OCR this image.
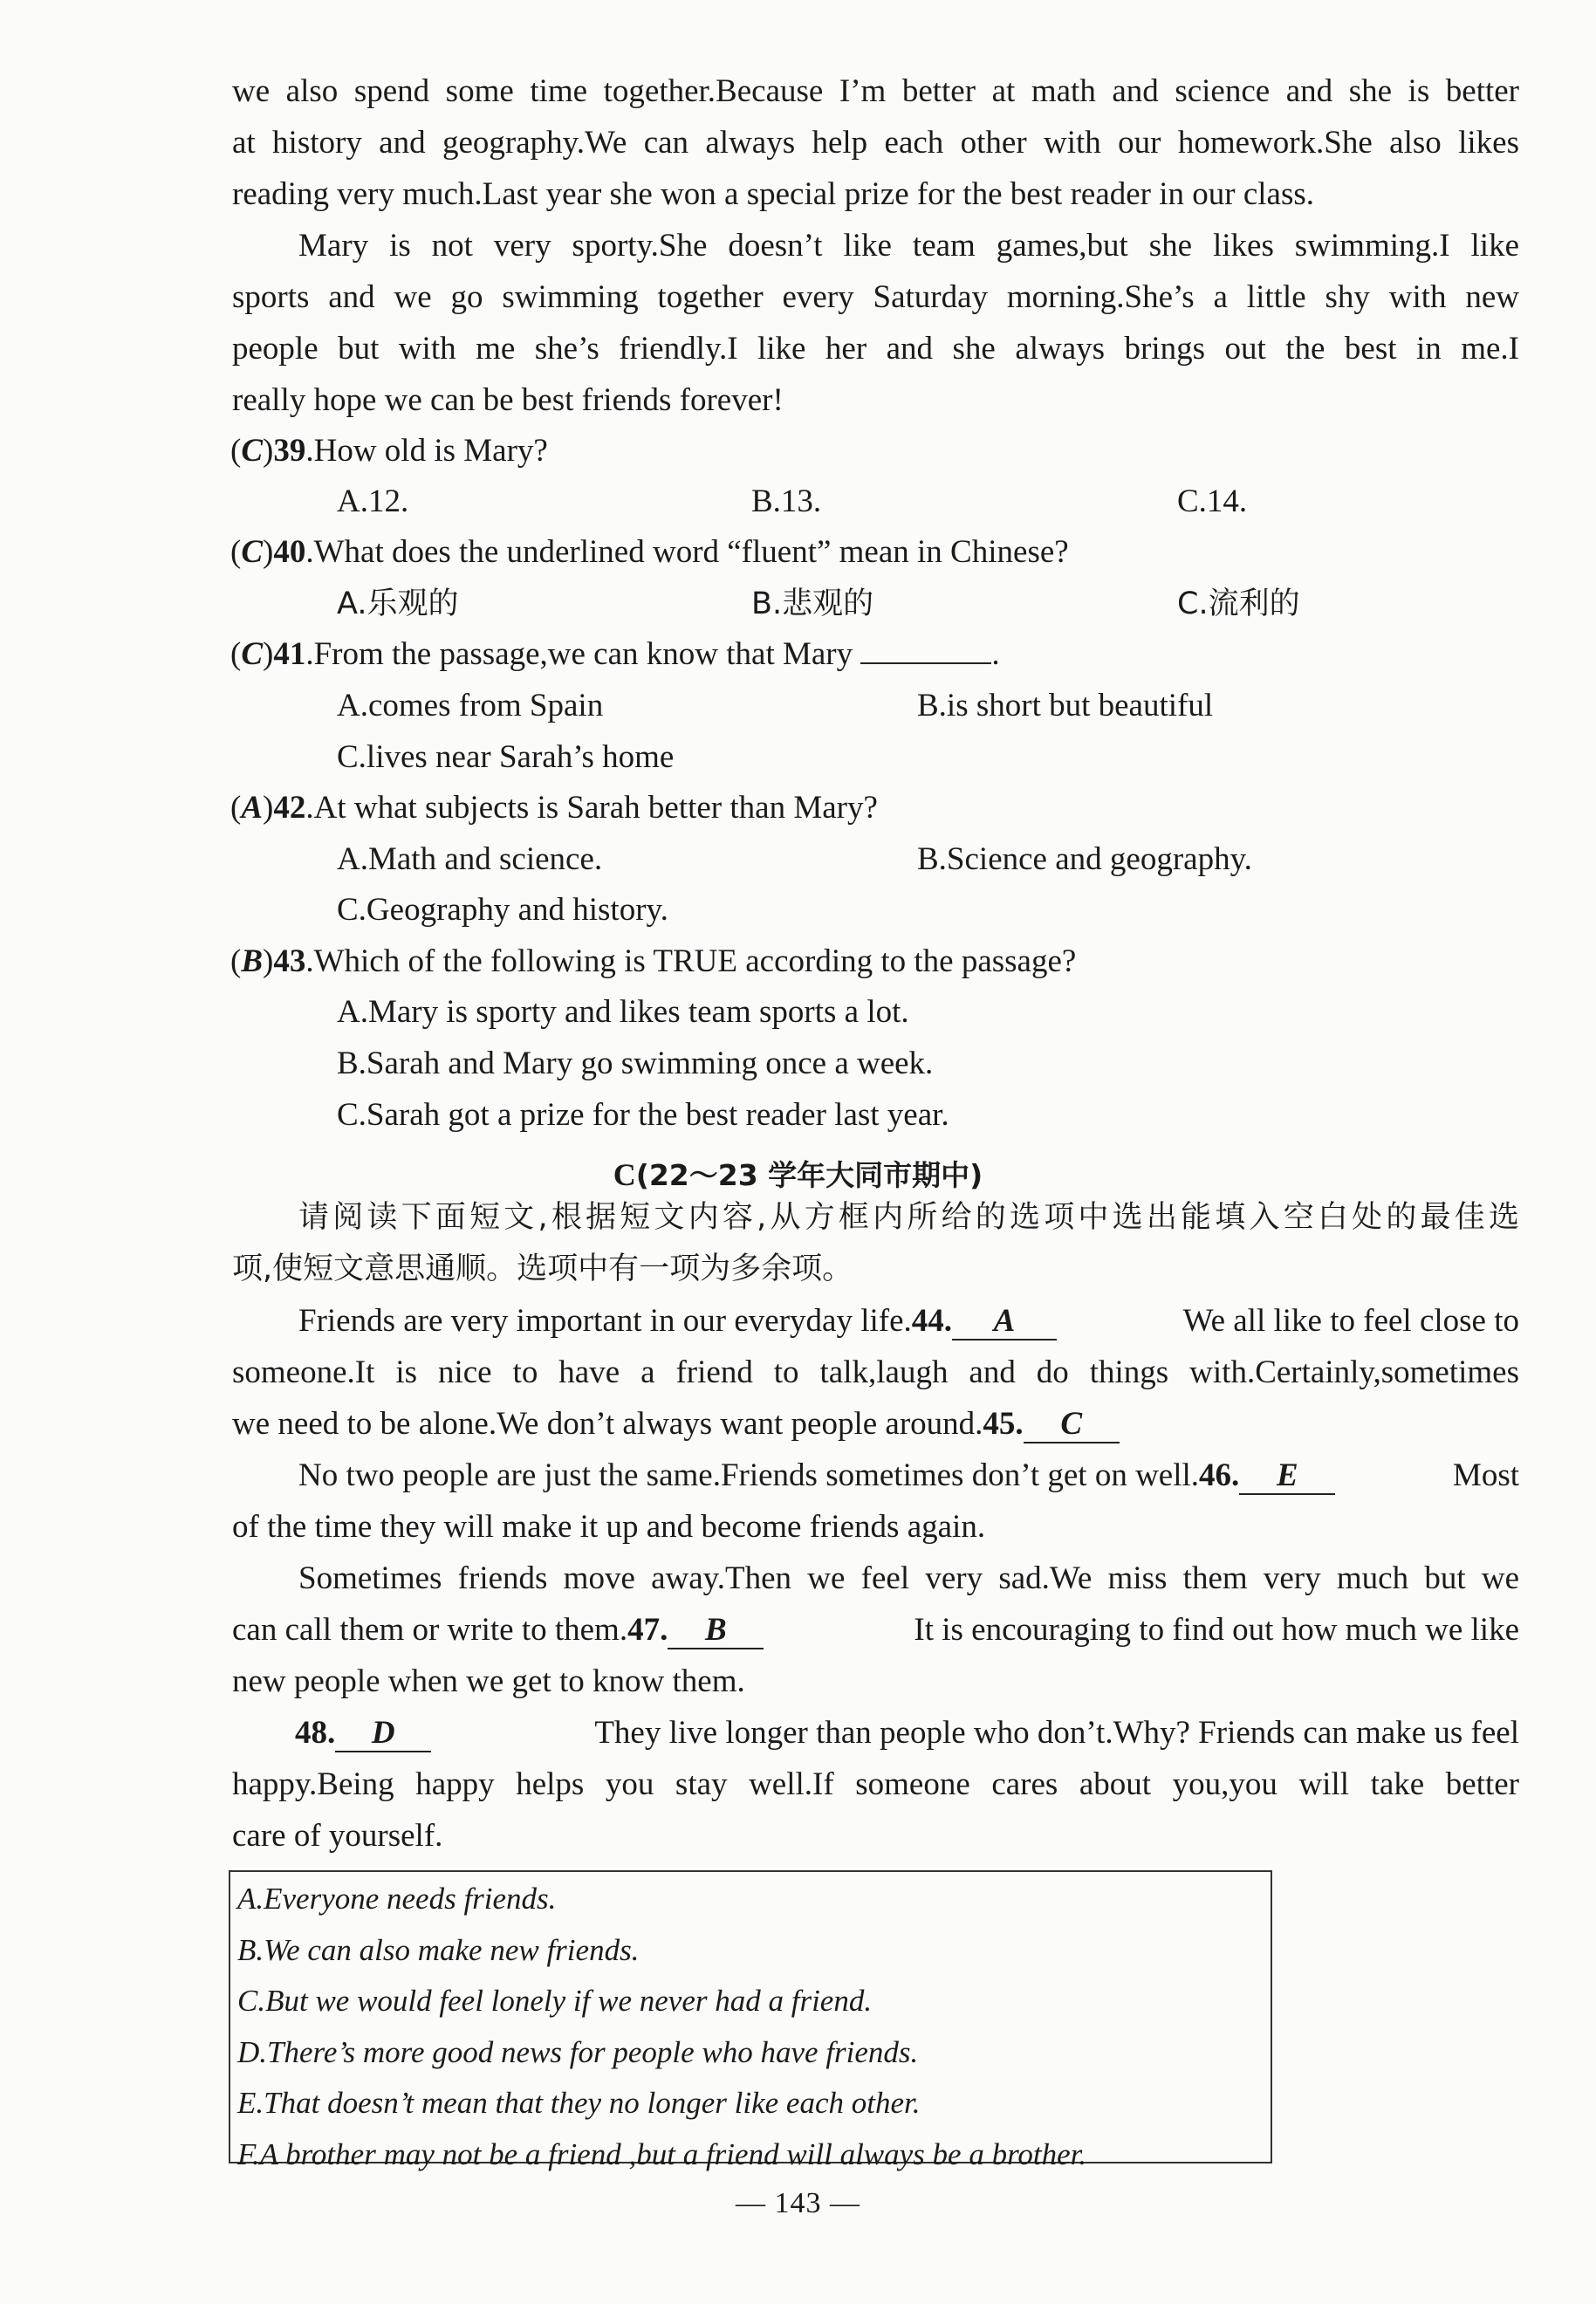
we also spend some time together.Because I’m better at math and science and she is better
at history and geography.We can always help each other with our homework.She also likes
reading very much.Last year she won a special prize for the best reader in our class.
Mary is not very sporty.She doesn’t like team games,but she likes swimming.I like
sports and we go swimming together every Saturday morning.She’s a little shy with new
people but with me she’s friendly.I like her and she always brings out the best in me.I
really hope we can be best friends forever!
(C)39.How old is Mary?
A.12.	B.13.	C.14.
(C)40.What does the underlined word “fluent” mean in Chinese?
A.乐观的	B.悲观的	C.流利的
(C)41.From the passage,we can know that Mary	.
A.comes from Spain	B.is short but beautiful
C.lives near Sarah’s home
(A)42.At what subjects is Sarah better than Mary?
A.Math and science.	B.Science and geography.
C.Geography and history.
(B)43.Which of the following is TRUE according to the passage?
A.Mary is sporty and likes team sports a lot.
B.Sarah and Mary go swimming once a week.
C.Sarah got a prize for the best reader last year.
C(22～23 学年大同市期中)
请阅读下面短文,根据短文内容,从方框内所给的选项中选出能填入空白处的最佳选
项,使短文意思通顺。选项中有一项为多余项。
Friends are very important in our everyday life.44. A	We all like to feel close to
someone.It is nice to have a friend to talk,laugh and do things with.Certainly,sometimes
we need to be alone.We don’t always want people around.45. C
No two people are just the same.Friends sometimes don’t get on well.46. E	Most
of the time they will make it up and become friends again.
Sometimes friends move away.Then we feel very sad.We miss them very much but we
can call them or write to them.47. B	It is encouraging to find out how much we like
new people when we get to know them.
48. D	They live longer than people who don’t.Why? Friends can make us feel
happy.Being happy helps you stay well.If someone cares about you,you will take better
care of yourself.
A.Everyone needs friends.
B.We can also make new friends.
C.But we would feel lonely if we never had a friend.
D.There’s more good news for people who have friends.
E.That doesn’t mean that they no longer like each other.
F.A brother may not be a friend ,but a friend will always be a brother.
— 143 —
